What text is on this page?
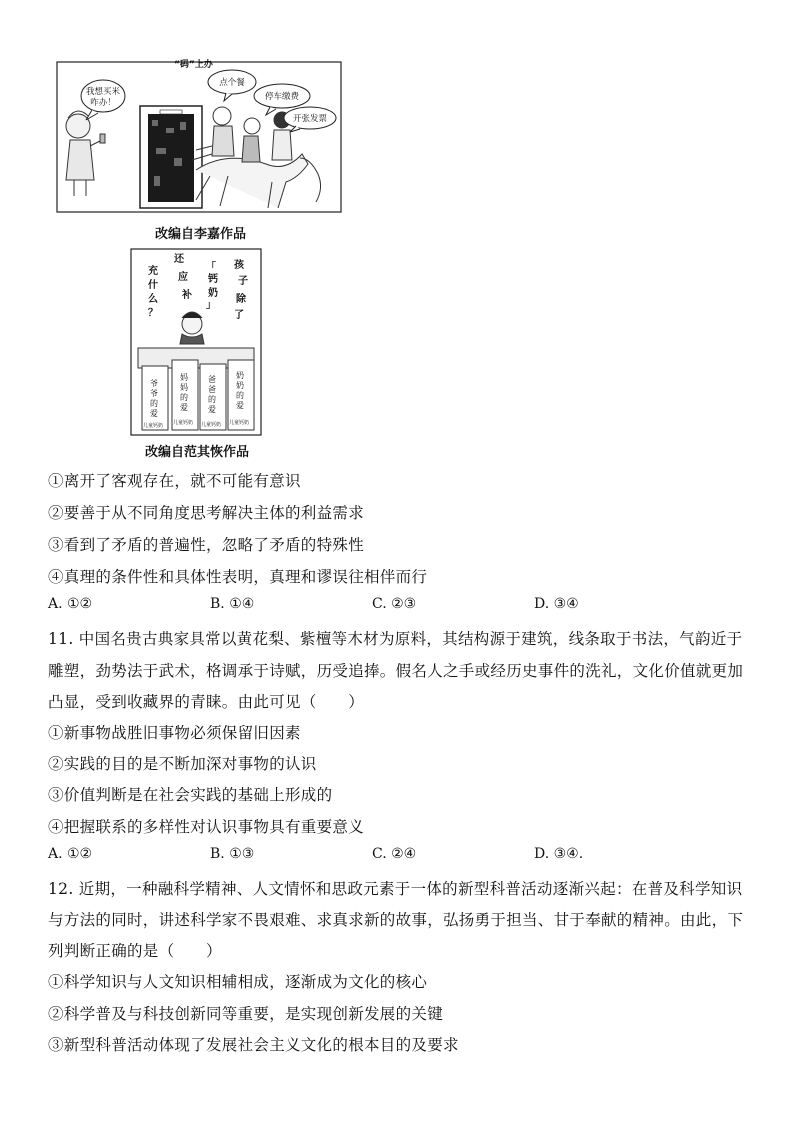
“码”上办
我想买米
咋办！
点个餐
停车缴费
开张发票
改编自李嘉作品
充
什
么
？
还
应
补
「
钙
奶
」
孩
子
除
了
爷
爷
的
爱
儿童钙奶
妈
妈
的
爱
儿童钙奶
爸
爸
的
爱
儿童钙奶
奶
奶
的
爱
儿童钙奶
改编自范其恢作品
①离开了客观存在，就不可能有意识
②要善于从不同角度思考解决主体的利益需求
③看到了矛盾的普遍性，忽略了矛盾的特殊性
④真理的条件性和具体性表明，真理和谬误往相伴而行
A. ①②	B. ①④	C. ②③	D. ③④
11. 中国名贵古典家具常以黄花梨、紫檀等木材为原料，其结构源于建筑，线条取于书法，气韵近于
雕塑，劲势法于武术，格调承于诗赋，历受追捧。假名人之手或经历史事件的洗礼，文化价值就更加
凸显，受到收藏界的青睐。由此可见（　　）
①新事物战胜旧事物必须保留旧因素
②实践的目的是不断加深对事物的认识
③价值判断是在社会实践的基础上形成的
④把握联系的多样性对认识事物具有重要意义
A. ①②	B. ①③	C. ②④	D. ③④.
12. 近期，一种融科学精神、人文情怀和思政元素于一体的新型科普活动逐渐兴起：在普及科学知识
与方法的同时，讲述科学家不畏艰难、求真求新的故事，弘扬勇于担当、甘于奉献的精神。由此，下
列判断正确的是（　　）
①科学知识与人文知识相辅相成，逐渐成为文化的核心
②科学普及与科技创新同等重要，是实现创新发展的关键
③新型科普活动体现了发展社会主义文化的根本目的及要求
